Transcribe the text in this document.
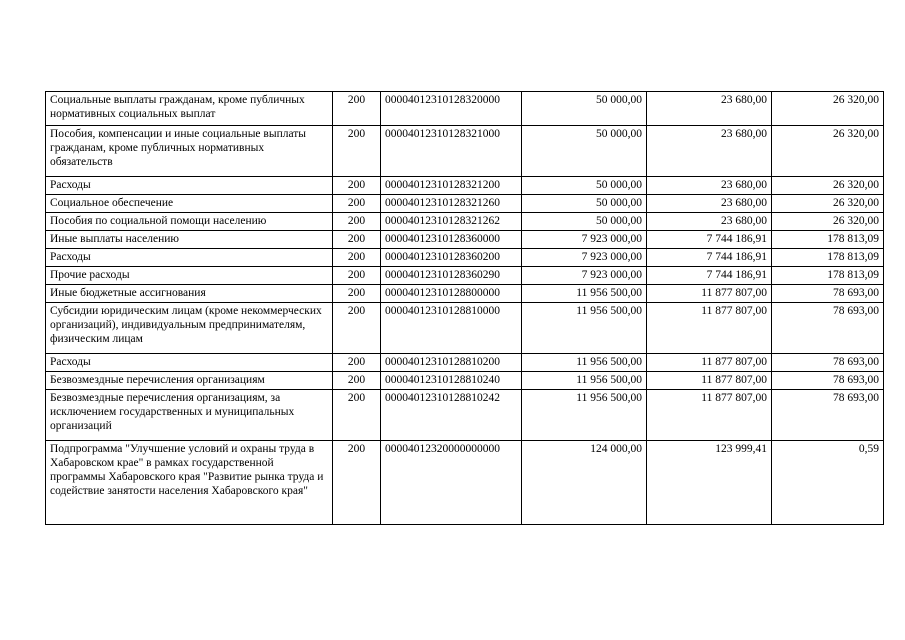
Социальные выплаты гражданам, кроме публичных нормативных социальных выплат	200	00004012310128320000	50 000,00	23 680,00	26 320,00
Пособия, компенсации и иные социальные выплаты гражданам, кроме публичных нормативных обязательств	200	00004012310128321000	50 000,00	23 680,00	26 320,00
Расходы	200	00004012310128321200	50 000,00	23 680,00	26 320,00
Социальное обеспечение	200	00004012310128321260	50 000,00	23 680,00	26 320,00
Пособия по социальной помощи населению	200	00004012310128321262	50 000,00	23 680,00	26 320,00
Иные выплаты населению	200	00004012310128360000	7 923 000,00	7 744 186,91	178 813,09
Расходы	200	00004012310128360200	7 923 000,00	7 744 186,91	178 813,09
Прочие расходы	200	00004012310128360290	7 923 000,00	7 744 186,91	178 813,09
Иные бюджетные ассигнования	200	00004012310128800000	11 956 500,00	11 877 807,00	78 693,00
Субсидии юридическим лицам (кроме некоммерческих организаций), индивидуальным предпринимателям, физическим лицам	200	00004012310128810000	11 956 500,00	11 877 807,00	78 693,00
Расходы	200	00004012310128810200	11 956 500,00	11 877 807,00	78 693,00
Безвозмездные перечисления организациям	200	00004012310128810240	11 956 500,00	11 877 807,00	78 693,00
Безвозмездные перечисления организациям, за исключением государственных и муниципальных организаций	200	00004012310128810242	11 956 500,00	11 877 807,00	78 693,00
Подпрограмма "Улучшение условий и охраны труда в Хабаровском крае" в рамках государственной программы Хабаровского края "Развитие рынка труда и содействие занятости населения Хабаровского края"	200	00004012320000000000	124 000,00	123 999,41	0,59
